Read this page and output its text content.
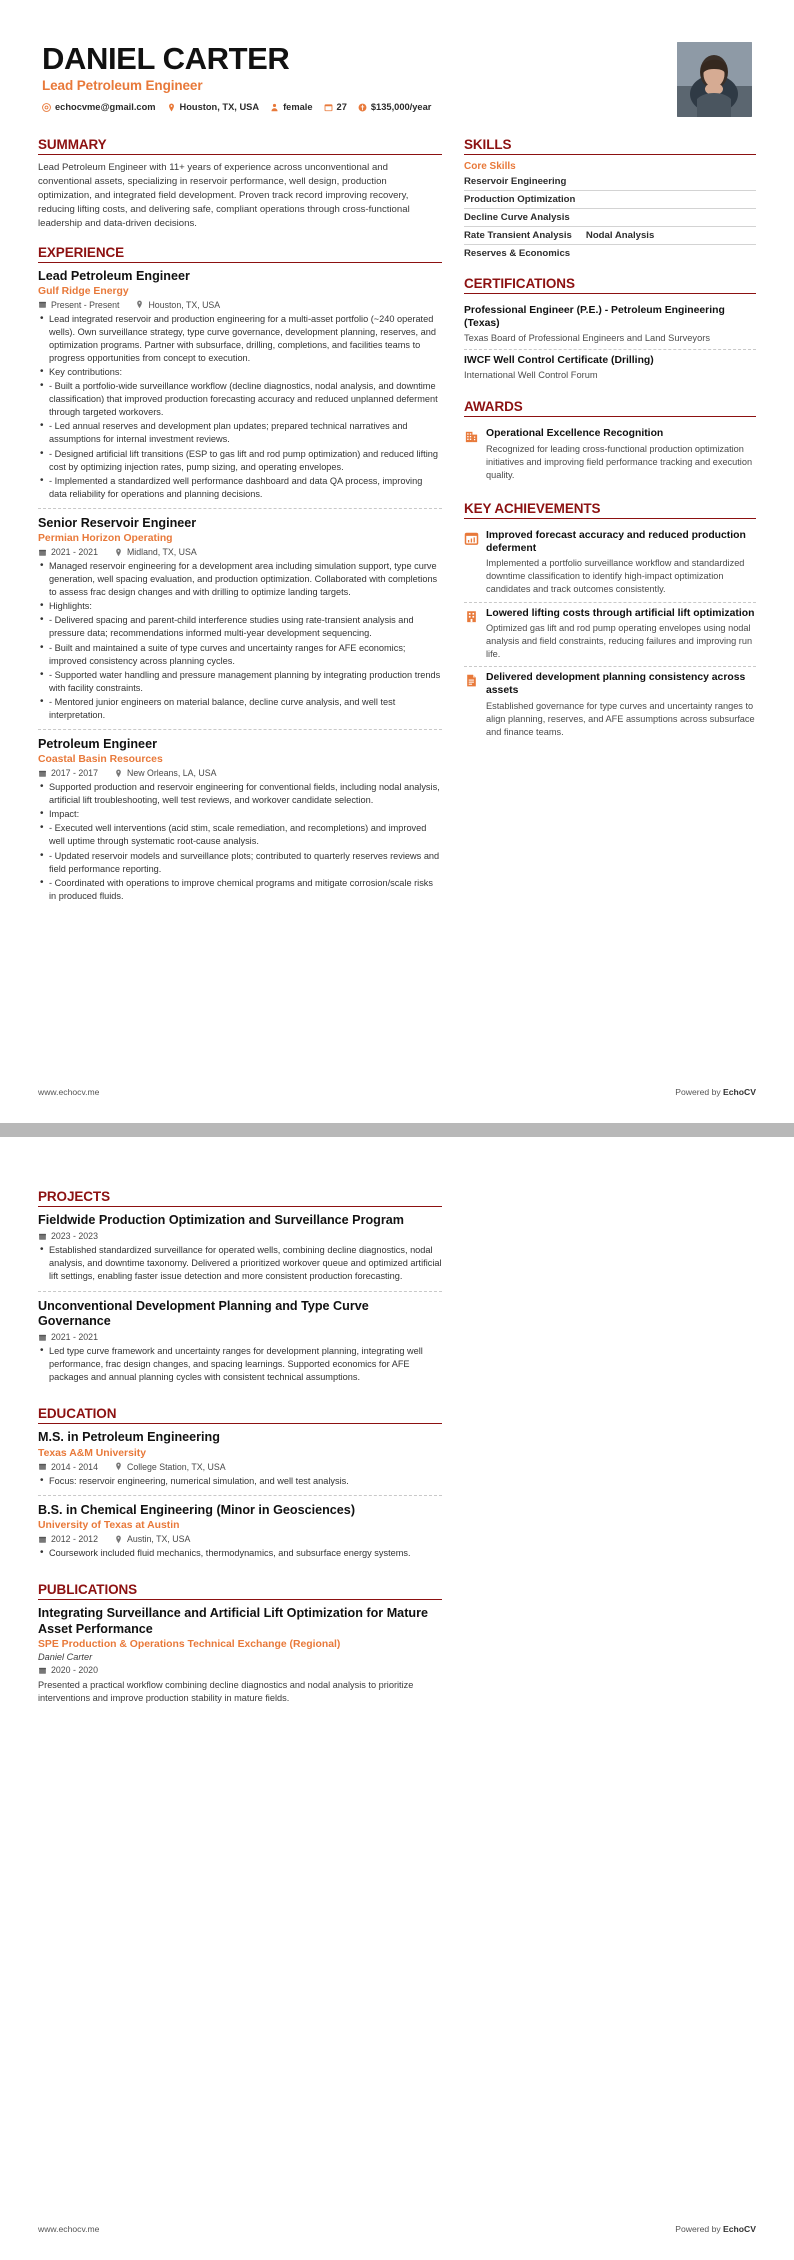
DANIEL CARTER
Lead Petroleum Engineer
echocvme@gmail.com	Houston, TX, USA	female	27	$135,000/year
SUMMARY
Lead Petroleum Engineer with 11+ years of experience across unconventional and conventional assets, specializing in reservoir performance, well design, production optimization, and integrated field development. Proven track record improving recovery, reducing lifting costs, and delivering safe, compliant operations through cross-functional leadership and data-driven decisions.
EXPERIENCE
Lead Petroleum Engineer
Gulf Ridge Energy
Present - Present	Houston, TX, USA
• Lead integrated reservoir and production engineering for a multi-asset portfolio (~240 operated wells). Own surveillance strategy, type curve governance, development planning, reserves, and optimization programs. Partner with subsurface, drilling, completions, and facilities teams to progress opportunities from concept to execution.
• Key contributions:
• - Built a portfolio-wide surveillance workflow (decline diagnostics, nodal analysis, and downtime classification) that improved production forecasting accuracy and reduced unplanned deferment through targeted workovers.
• - Led annual reserves and development plan updates; prepared technical narratives and assumptions for internal investment reviews.
• - Designed artificial lift transitions (ESP to gas lift and rod pump optimization) and reduced lifting cost by optimizing injection rates, pump sizing, and operating envelopes.
• - Implemented a standardized well performance dashboard and data QA process, improving data reliability for operations and planning decisions.
Senior Reservoir Engineer
Permian Horizon Operating
2021 - 2021	Midland, TX, USA
• Managed reservoir engineering for a development area including simulation support, type curve generation, well spacing evaluation, and production optimization. Collaborated with completions to assess frac design changes and with drilling to optimize landing targets.
• Highlights:
• - Delivered spacing and parent-child interference studies using rate-transient analysis and pressure data; recommendations informed multi-year development sequencing.
• - Built and maintained a suite of type curves and uncertainty ranges for AFE economics; improved consistency across planning cycles.
• - Supported water handling and pressure management planning by integrating production trends with facility constraints.
• - Mentored junior engineers on material balance, decline curve analysis, and well test interpretation.
Petroleum Engineer
Coastal Basin Resources
2017 - 2017	New Orleans, LA, USA
• Supported production and reservoir engineering for conventional fields, including nodal analysis, artificial lift troubleshooting, well test reviews, and workover candidate selection.
• Impact:
• - Executed well interventions (acid stim, scale remediation, and recompletions) and improved well uptime through systematic root-cause analysis.
• - Updated reservoir models and surveillance plots; contributed to quarterly reserves reviews and field performance reporting.
• - Coordinated with operations to improve chemical programs and mitigate corrosion/scale risks in produced fluids.
SKILLS
Core Skills
Reservoir Engineering
Production Optimization
Decline Curve Analysis
Rate Transient Analysis Nodal Analysis
Reserves & Economics
CERTIFICATIONS
Professional Engineer (P.E.) - Petroleum Engineering (Texas)
Texas Board of Professional Engineers and Land Surveyors
IWCF Well Control Certificate (Drilling)
International Well Control Forum
AWARDS
Operational Excellence Recognition
Recognized for leading cross-functional production optimization initiatives and improving field performance tracking and execution quality.
KEY ACHIEVEMENTS
Improved forecast accuracy and reduced production deferment
Implemented a portfolio surveillance workflow and standardized downtime classification to identify high-impact optimization candidates and track outcomes consistently.
Lowered lifting costs through artificial lift optimization
Optimized gas lift and rod pump operating envelopes using nodal analysis and field constraints, reducing failures and improving run life.
Delivered development planning consistency across assets
Established governance for type curves and uncertainty ranges to align planning, reserves, and AFE assumptions across subsurface and finance teams.
www.echocv.me	Powered by EchoCV
PROJECTS
Fieldwide Production Optimization and Surveillance Program
2023 - 2023
• Established standardized surveillance for operated wells, combining decline diagnostics, nodal analysis, and downtime taxonomy. Delivered a prioritized workover queue and optimized artificial lift settings, enabling faster issue detection and more consistent production forecasting.
Unconventional Development Planning and Type Curve Governance
2021 - 2021
• Led type curve framework and uncertainty ranges for development planning, integrating well performance, frac design changes, and spacing learnings. Supported economics for AFE packages and annual planning cycles with consistent technical assumptions.
EDUCATION
M.S. in Petroleum Engineering
Texas A&M University
2014 - 2014	College Station, TX, USA
• Focus: reservoir engineering, numerical simulation, and well test analysis.
B.S. in Chemical Engineering (Minor in Geosciences)
University of Texas at Austin
2012 - 2012	Austin, TX, USA
• Coursework included fluid mechanics, thermodynamics, and subsurface energy systems.
PUBLICATIONS
Integrating Surveillance and Artificial Lift Optimization for Mature Asset Performance
SPE Production & Operations Technical Exchange (Regional)
Daniel Carter
2020 - 2020
Presented a practical workflow combining decline diagnostics and nodal analysis to prioritize interventions and improve production stability in mature fields.
www.echocv.me	Powered by EchoCV
